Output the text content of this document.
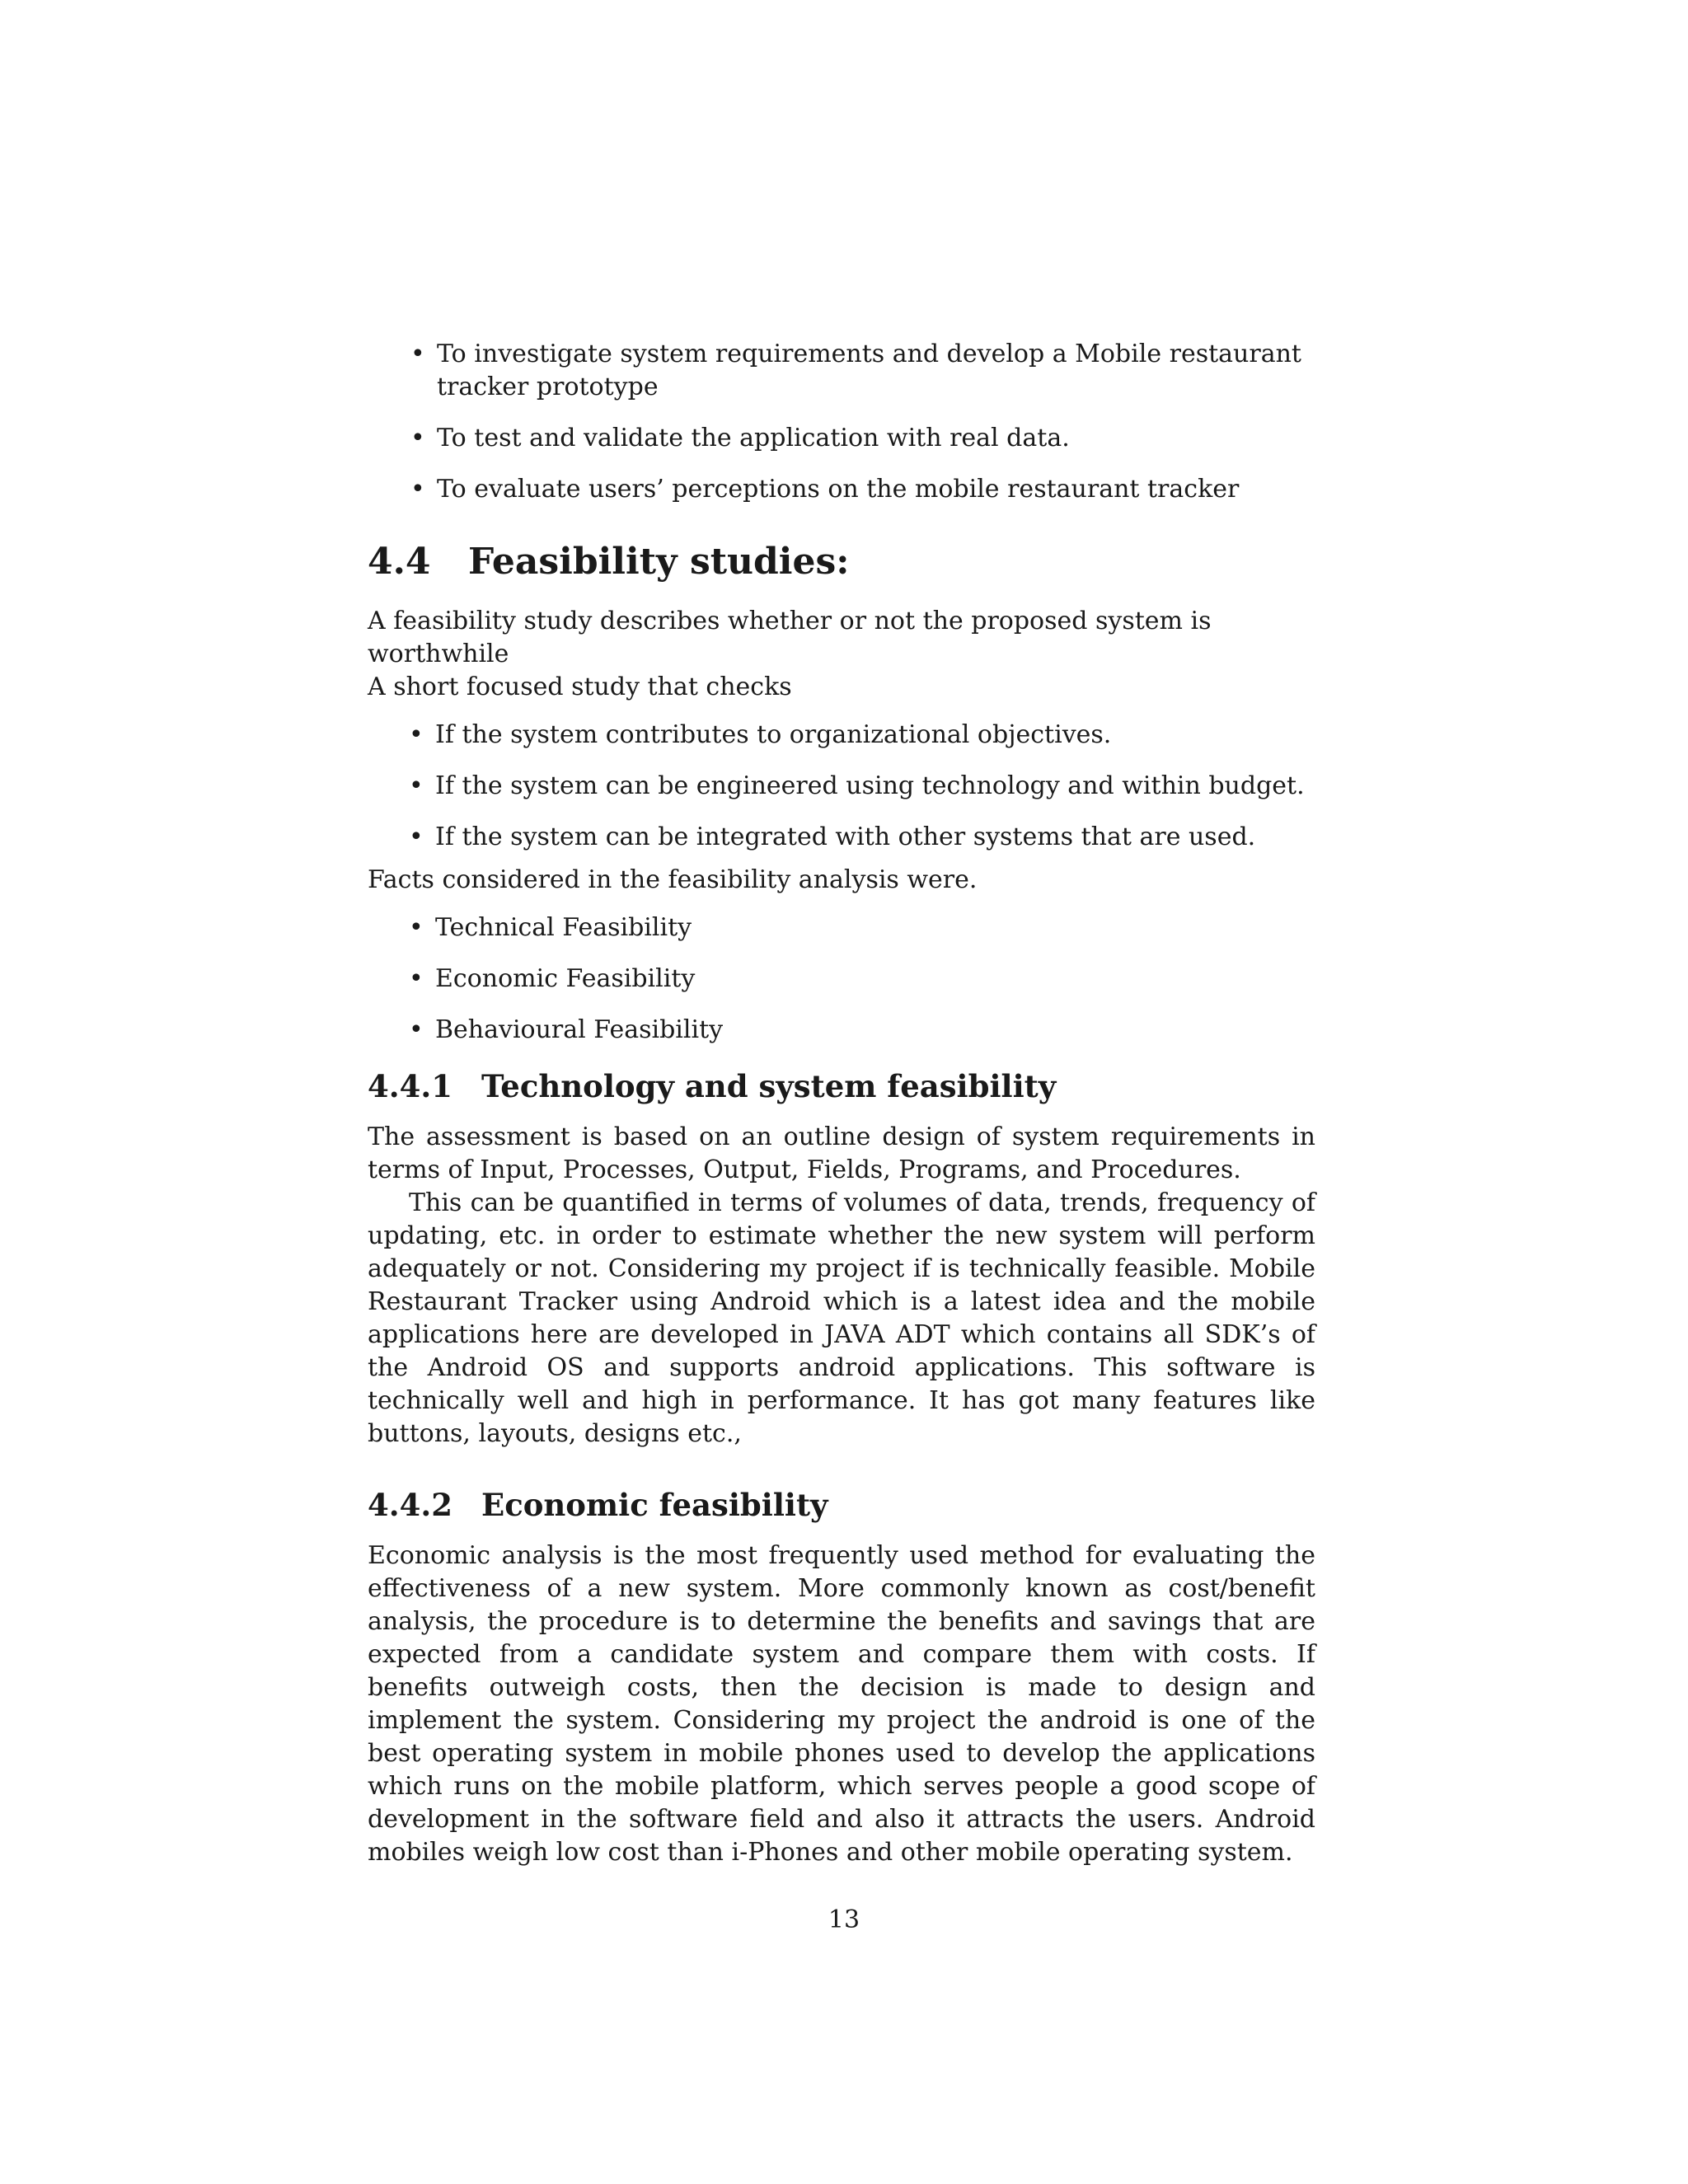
• To investigate system requirements and develop a Mobile restaurant tracker prototype
• To test and validate the application with real data.
• To evaluate users’ perceptions on the mobile restaurant tracker
4.4 Feasibility studies:

A feasibility study describes whether or not the proposed system is worthwhile

A short focused study that checks

• If the system contributes to organizational objectives.
• If the system can be engineered using technology and within budget.
• If the system can be integrated with other systems that are used.

Facts considered in the feasibility analysis were.

• Technical Feasibility
• Economic Feasibility
• Behavioural Feasibility
4.4.1 Technology and system feasibility

The assessment is based on an outline design of system requirements in terms of Input, Processes, Output, Fields, Programs, and Procedures.

This can be quantified in terms of volumes of data, trends, frequency of updating, etc. in order to estimate whether the new system will perform adequately or not. Considering my project if is technically feasible. Mobile Restaurant Tracker using Android which is a latest idea and the mobile applications here are developed in JAVA ADT which contains all SDK’s of the Android OS and supports android applications. This software is technically well and high in performance. It has got many features like buttons, layouts, designs etc.,

4.4.2 Economic feasibility

Economic analysis is the most frequently used method for evaluating the effectiveness of a new system. More commonly known as cost/benefit analysis, the procedure is to determine the benefits and savings that are expected from a candidate system and compare them with costs. If benefits outweigh costs, then the decision is made to design and implement the system. Considering my project the android is one of the best operating system in mobile phones used to develop the applications which runs on the mobile platform, which serves people a good scope of development in the software field and also it attracts the users. Android mobiles weigh low cost than i-Phones and other mobile operating system.

13
